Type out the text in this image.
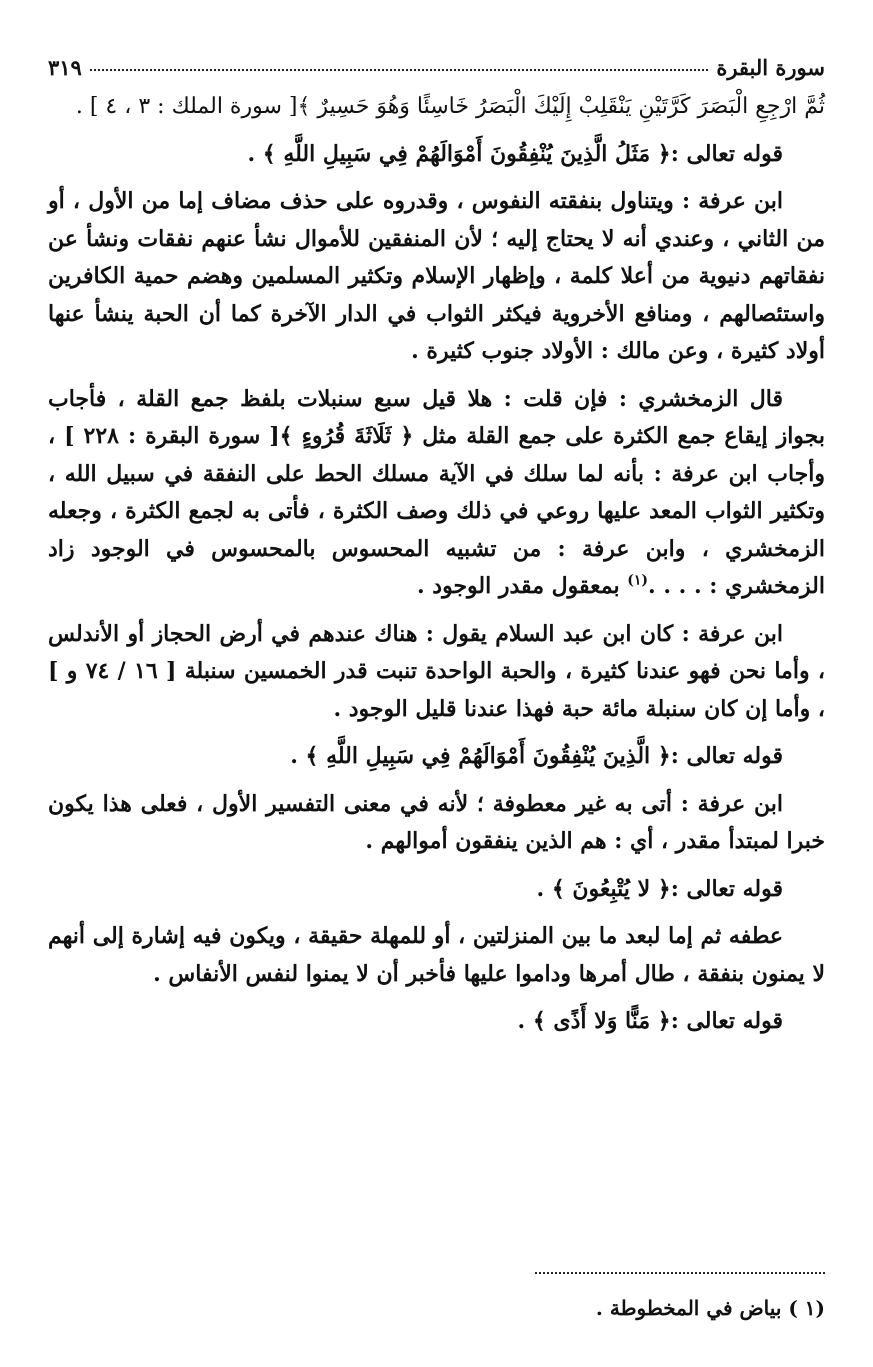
سورة البقرة
٣١٩

ثُمَّ ارْجِعِ الْبَصَرَ كَرَّتَيْنِ يَنْقَلِبْ إِلَيْكَ الْبَصَرُ خَاسِئًا وَهُوَ حَسِيرٌ ﴾[ سورة الملك : ٣ ، ٤ ] .

قوله تعالى :﴿ مَثَلُ الَّذِينَ يُنْفِقُونَ أَمْوَالَهُمْ فِي سَبِيلِ اللَّهِ ﴾ .

ابن عرفة : ويتناول بنفقته النفوس ، وقدروه على حذف مضاف إما من الأول ، أو من الثاني ، وعندي أنه لا يحتاج إليه ؛ لأن المنفقين للأموال نشأ عنهم نفقات ونشأ عن نفقاتهم دنيوية من أعلا كلمة ، وإظهار الإسلام وتكثير المسلمين وهضم حمية الكافرين واستئصالهم ، ومنافع الأخروية فيكثر الثواب في الدار الآخرة كما أن الحبة ينشأ عنها أولاد كثيرة ، وعن مالك : الأولاد جنوب كثيرة .

قال الزمخشري : فإن قلت : هلا قيل سبع سنبلات بلفظ جمع القلة ، فأجاب بجواز إيقاع جمع الكثرة على جمع القلة مثل ﴿ ثَلَاثَةَ قُرُوءٍ ﴾[ سورة البقرة : ٢٢٨ ] ، وأجاب ابن عرفة : بأنه لما سلك في الآية مسلك الحط على النفقة في سبيل الله ، وتكثير الثواب المعد عليها روعي في ذلك وصف الكثرة ، فأتى به لجمع الكثرة ، وجعله الزمخشري ، وابن عرفة : من تشبيه المحسوس بالمحسوس في الوجود زاد الزمخشري : . . . .$^{(١)}$ بمعقول مقدر الوجود .

ابن عرفة : كان ابن عبد السلام يقول : هناك عندهم في أرض الحجاز أو الأندلس ، وأما نحن فهو عندنا كثيرة ، والحبة الواحدة تنبت قدر الخمسين سنبلة [ ١٦ / ٧٤ و ] ، وأما إن كان سنبلة مائة حبة فهذا عندنا قليل الوجود .

قوله تعالى :﴿ الَّذِينَ يُنْفِقُونَ أَمْوَالَهُمْ فِي سَبِيلِ اللَّهِ ﴾ .

ابن عرفة : أتى به غير معطوفة ؛ لأنه في معنى التفسير الأول ، فعلى هذا يكون خبرا لمبتدأ مقدر ، أي : هم الذين ينفقون أموالهم .

قوله تعالى :﴿ لا يُتْبِعُونَ ﴾ .

عطفه ثم إما لبعد ما بين المنزلتين ، أو للمهلة حقيقة ، ويكون فيه إشارة إلى أنهم لا يمنون بنفقة ، طال أمرها وداموا عليها فأخبر أن لا يمنوا لنفس الأنفاس .

قوله تعالى :﴿ مَنًّا وَلا أَذًى ﴾ .

(١ ) بياض في المخطوطة .
